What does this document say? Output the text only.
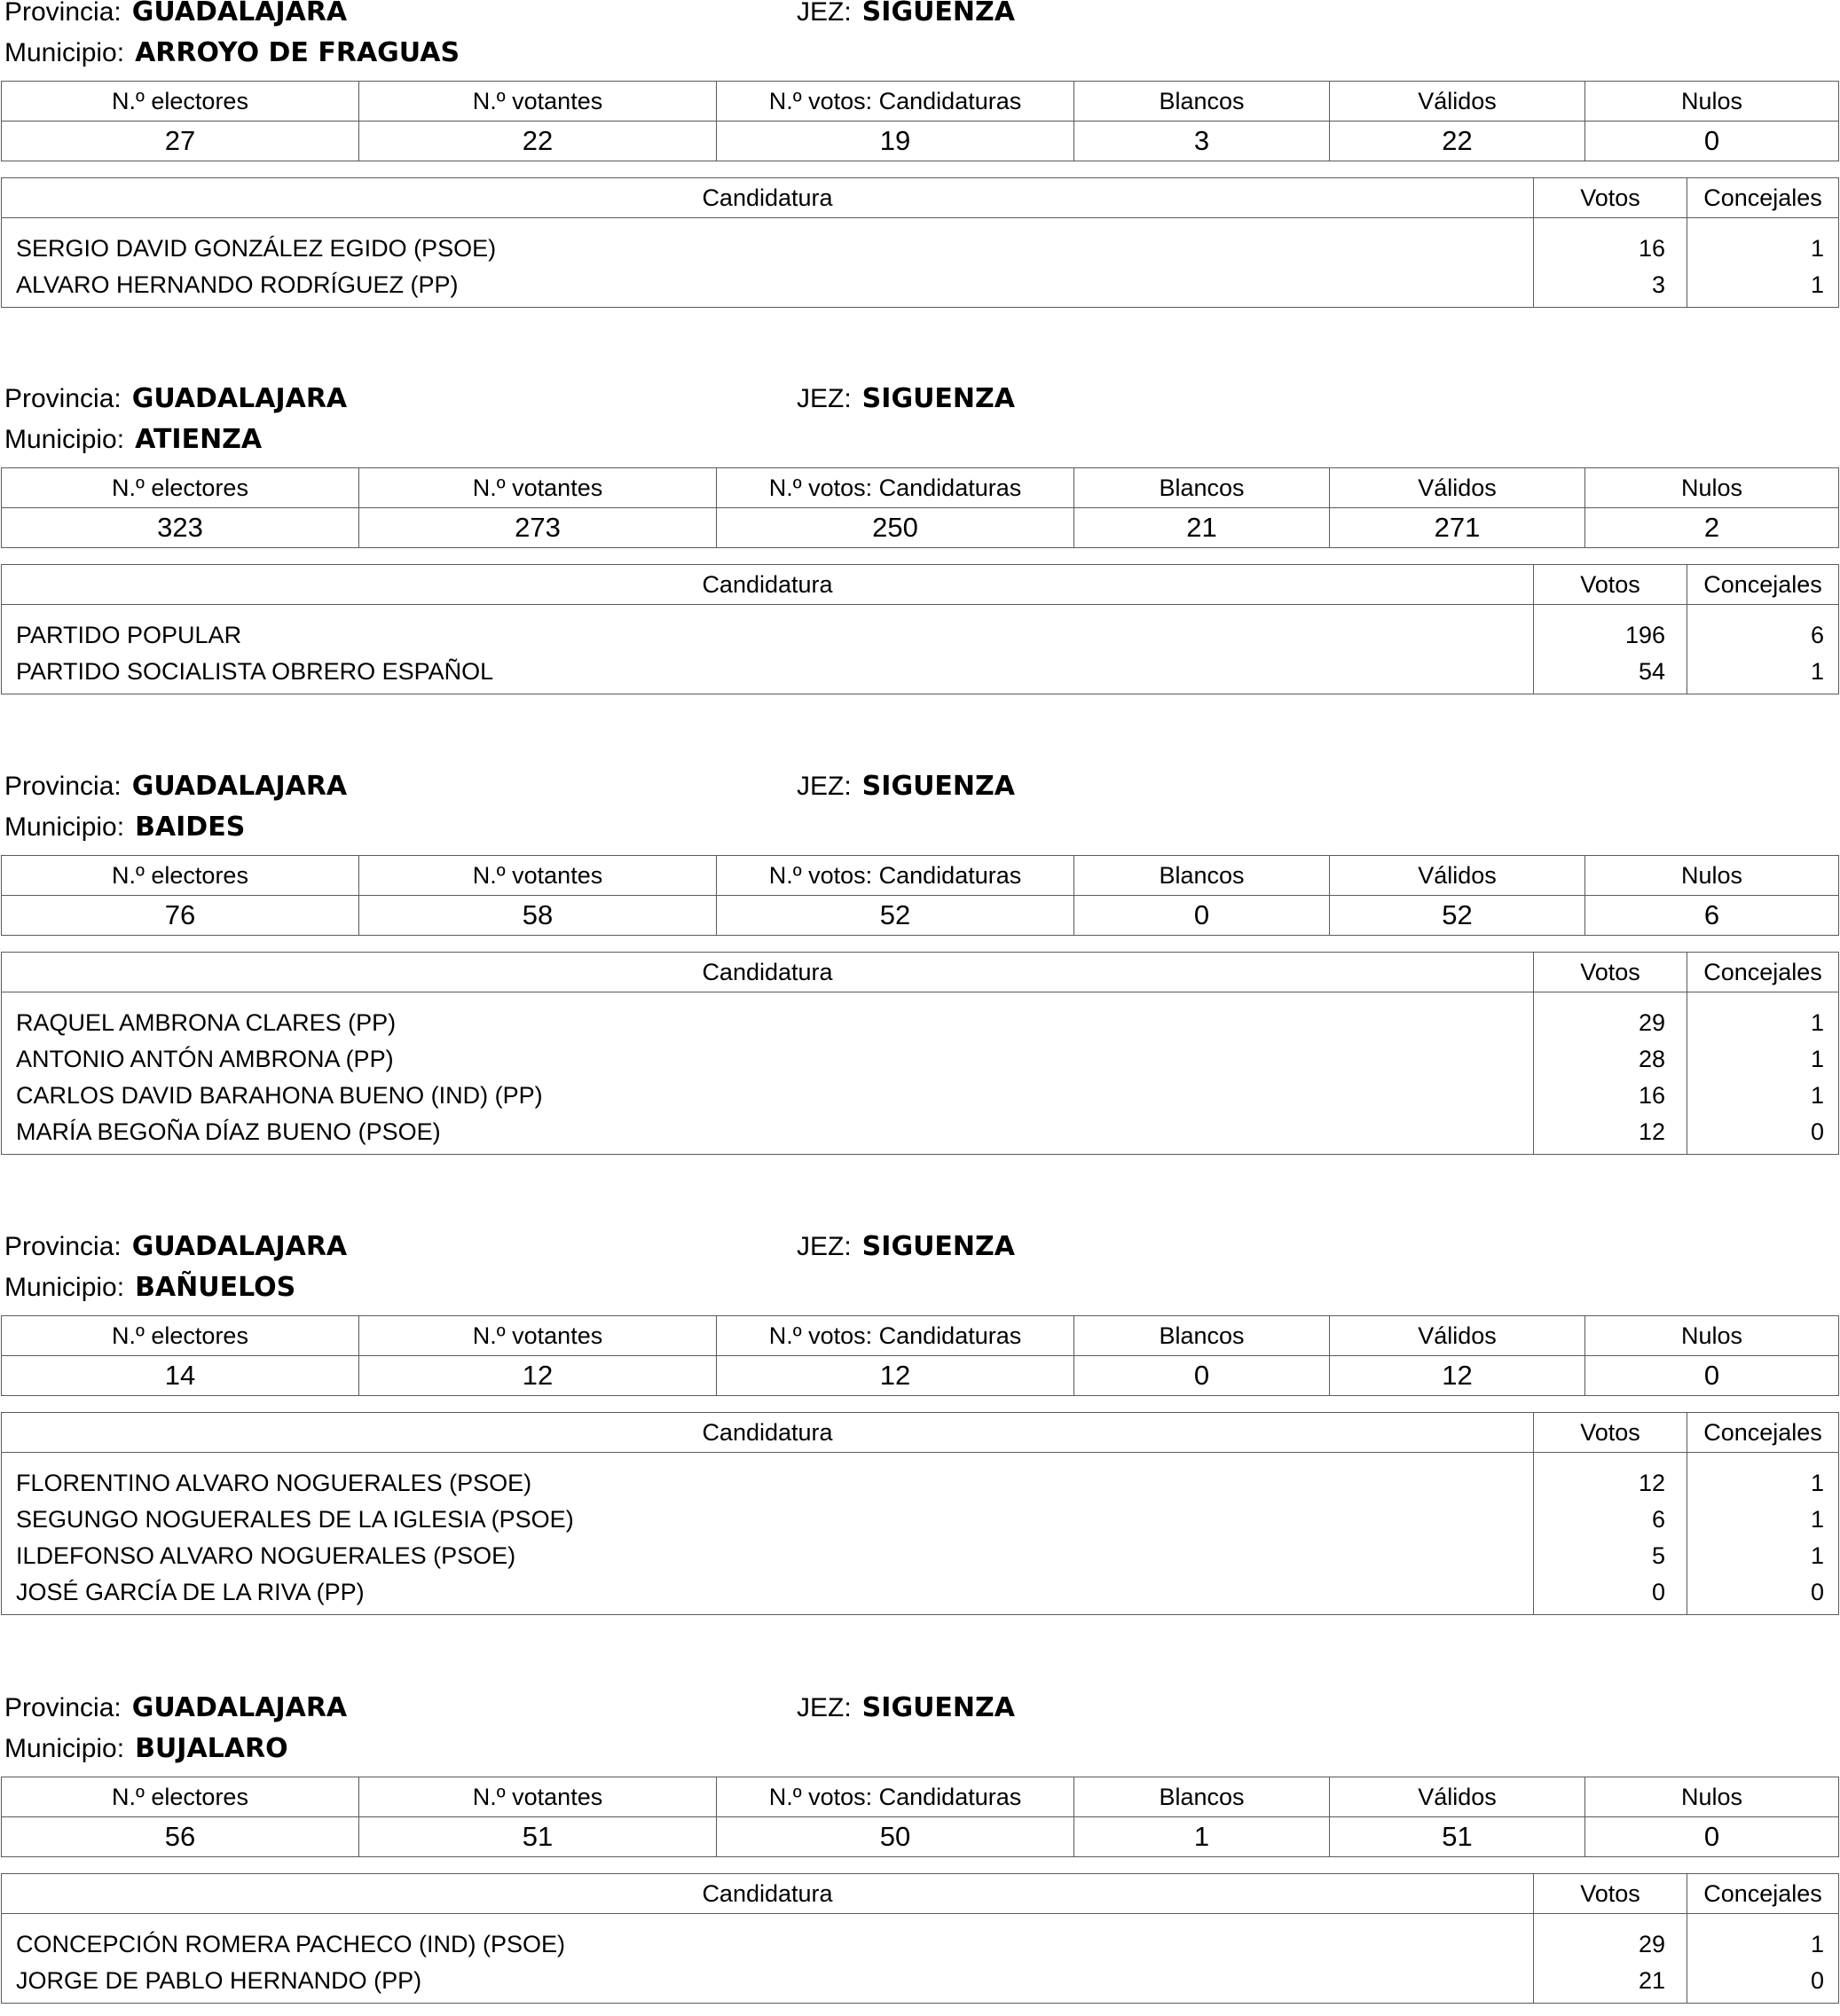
Provincia: GUADALAJARA	JEZ: SIGUENZA
Municipio: ARROYO DE FRAGUAS
N.º electores	N.º votantes	N.º votos: Candidaturas	Blancos	Válidos	Nulos
27	22	19	3	22	0
Candidatura	Votos	Concejales
SERGIO DAVID GONZÁLEZ EGIDO (PSOE)	16	1
ALVARO HERNANDO RODRÍGUEZ (PP)	3	1
Provincia: GUADALAJARA	JEZ: SIGUENZA
Municipio: ATIENZA
N.º electores	N.º votantes	N.º votos: Candidaturas	Blancos	Válidos	Nulos
323	273	250	21	271	2
Candidatura	Votos	Concejales
PARTIDO POPULAR	196	6
PARTIDO SOCIALISTA OBRERO ESPAÑOL	54	1
Provincia: GUADALAJARA	JEZ: SIGUENZA
Municipio: BAIDES
N.º electores	N.º votantes	N.º votos: Candidaturas	Blancos	Válidos	Nulos
76	58	52	0	52	6
Candidatura	Votos	Concejales
RAQUEL AMBRONA CLARES (PP)	29	1
ANTONIO ANTÓN AMBRONA (PP)	28	1
CARLOS DAVID BARAHONA BUENO (IND) (PP)	16	1
MARÍA BEGOÑA DÍAZ BUENO (PSOE)	12	0
Provincia: GUADALAJARA	JEZ: SIGUENZA
Municipio: BAÑUELOS
N.º electores	N.º votantes	N.º votos: Candidaturas	Blancos	Válidos	Nulos
14	12	12	0	12	0
Candidatura	Votos	Concejales
FLORENTINO ALVARO NOGUERALES (PSOE)	12	1
SEGUNGO NOGUERALES DE LA IGLESIA (PSOE)	6	1
ILDEFONSO ALVARO NOGUERALES (PSOE)	5	1
JOSÉ GARCÍA DE LA RIVA (PP)	0	0
Provincia: GUADALAJARA	JEZ: SIGUENZA
Municipio: BUJALARO
N.º electores	N.º votantes	N.º votos: Candidaturas	Blancos	Válidos	Nulos
56	51	50	1	51	0
Candidatura	Votos	Concejales
CONCEPCIÓN ROMERA PACHECO (IND) (PSOE)	29	1
JORGE DE PABLO HERNANDO (PP)	21	0
